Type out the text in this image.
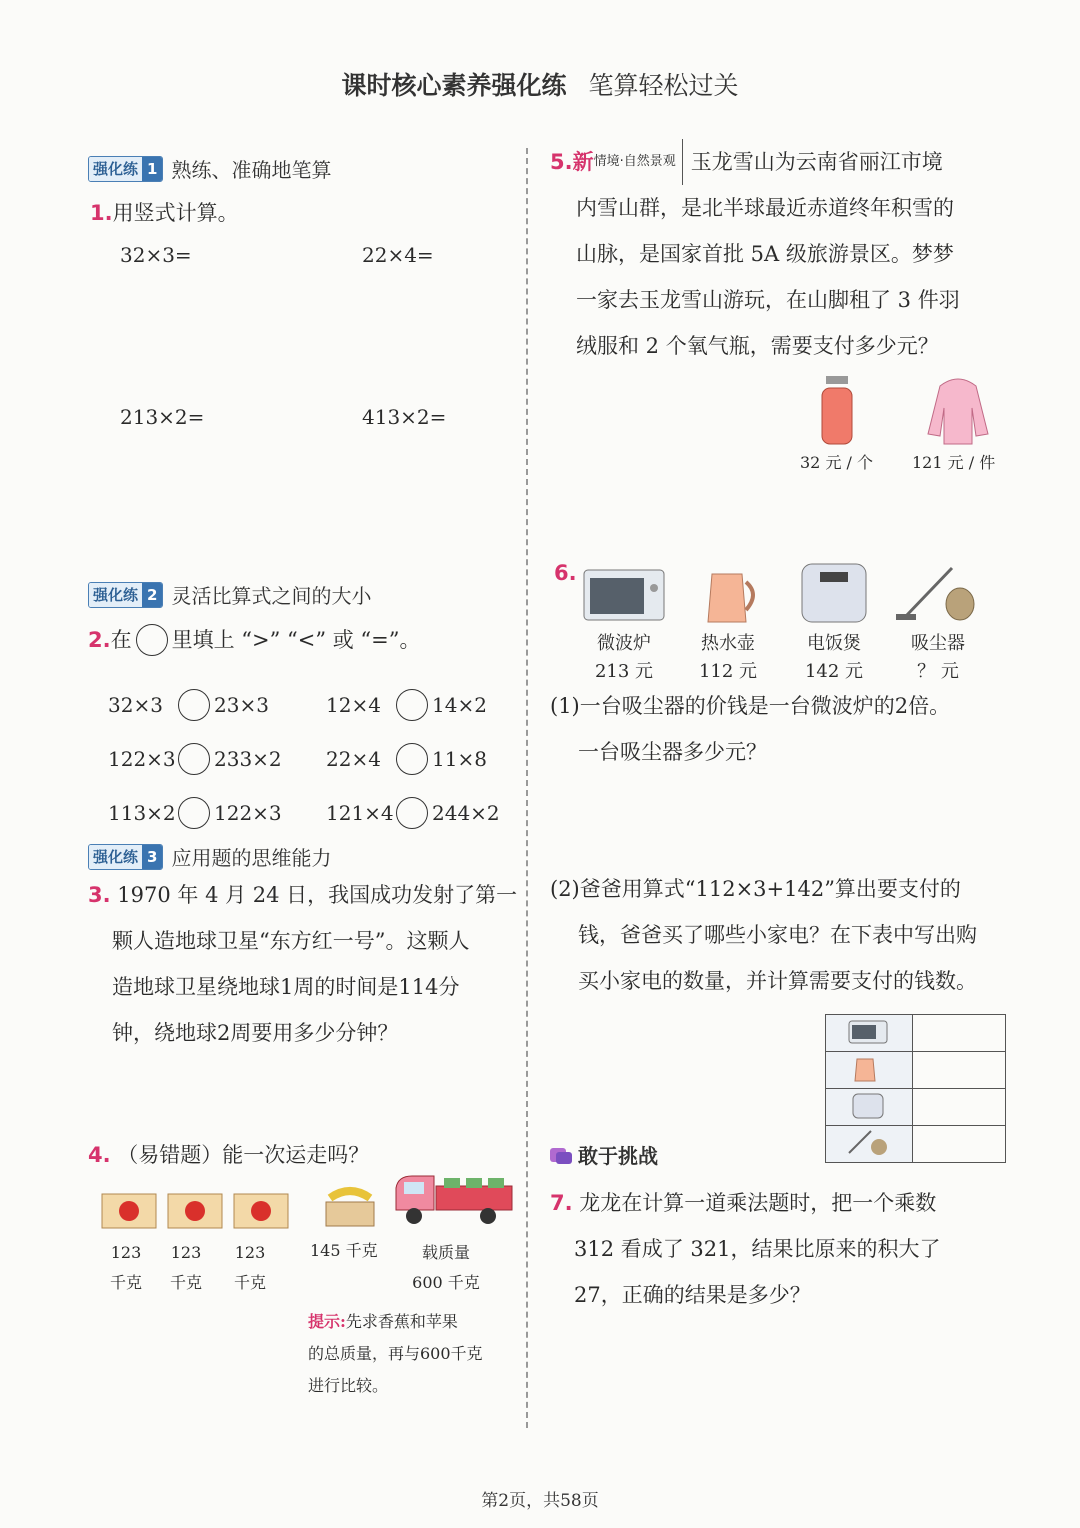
课时核心素养强化练 笔算轻松过关
强化练 1 熟练、准确地笔算
1.用竖式计算。
32×3=	22×4=
213×2=	413×2=
强化练 2 灵活比算式之间的大小
2. 在 里填上 “>” “<” 或 “=”。
32×3	23×3	12×4	14×2
122×3 233×2	22×4	11×8
113×2 122×3	121×4 244×2
强化练 3 应用题的思维能力
3. 1970 年 4 月 24 日，我国成功发射了第一
颗人造地球卫星“东方红一号”。这颗人
造地球卫星绕地球1周的时间是114分
钟，绕地球2周要用多少分钟？
4. （易错题）能一次运走吗？
123
千克
123
千克
123
千克
145 千克	载质量
600 千克
提示:先求香蕉和苹果
的总质量，再与600千克
进行比较。
5. 新 情境·自然景观 玉龙雪山为云南省丽江市境
内雪山群，是北半球最近赤道终年积雪的
山脉，是国家首批 5A 级旅游景区。梦梦
一家去玉龙雪山游玩，在山脚租了 3 件羽
绒服和 2 个氧气瓶，需要支付多少元？
32 元 / 个 121 元 / 件
6.
微波炉
213 元
热水壶
112 元
电饭煲
142 元
吸尘器
？ 元
(1)一台吸尘器的价钱是一台微波炉的2倍。
一台吸尘器多少元？
(2)爸爸用算式“112×3+142”算出要支付的
钱，爸爸买了哪些小家电？在下表中写出购
买小家电的数量，并计算需要支付的钱数。

敢于挑战
7. 龙龙在计算一道乘法题时，把一个乘数
312 看成了 321，结果比原来的积大了
27，正确的结果是多少？
第2页，共58页
